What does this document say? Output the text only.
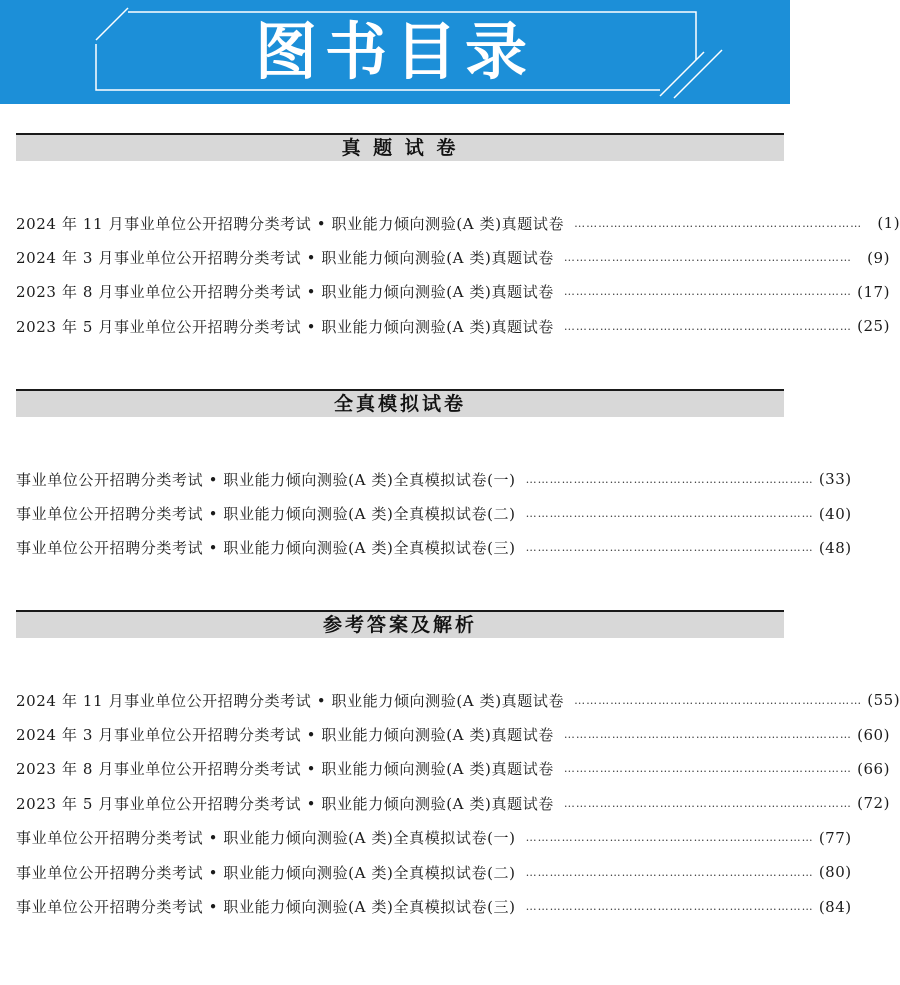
图书目录
真 题 试 卷
2024 年 11 月事业单位公开招聘分类考试 • 职业能力倾向测验(A 类)真题试卷 ………………………………………………………………	(1)
2024 年 3 月事业单位公开招聘分类考试 • 职业能力倾向测验(A 类)真题试卷 ………………………………………………………………	(9)
2023 年 8 月事业单位公开招聘分类考试 • 职业能力倾向测验(A 类)真题试卷 ……………………………………………………………… (17)
2023 年 5 月事业单位公开招聘分类考试 • 职业能力倾向测验(A 类)真题试卷 ……………………………………………………………… (25)
全真模拟试卷
事业单位公开招聘分类考试 • 职业能力倾向测验(A 类)全真模拟试卷(一) ……………………………………………………………… (33)
事业单位公开招聘分类考试 • 职业能力倾向测验(A 类)全真模拟试卷(二) ……………………………………………………………… (40)
事业单位公开招聘分类考试 • 职业能力倾向测验(A 类)全真模拟试卷(三) ……………………………………………………………… (48)
参考答案及解析
2024 年 11 月事业单位公开招聘分类考试 • 职业能力倾向测验(A 类)真题试卷 ……………………………………………………………… (55)
2024 年 3 月事业单位公开招聘分类考试 • 职业能力倾向测验(A 类)真题试卷 ……………………………………………………………… (60)
2023 年 8 月事业单位公开招聘分类考试 • 职业能力倾向测验(A 类)真题试卷 ……………………………………………………………… (66)
2023 年 5 月事业单位公开招聘分类考试 • 职业能力倾向测验(A 类)真题试卷 ……………………………………………………………… (72)
事业单位公开招聘分类考试 • 职业能力倾向测验(A 类)全真模拟试卷(一) ……………………………………………………………… (77)
事业单位公开招聘分类考试 • 职业能力倾向测验(A 类)全真模拟试卷(二) ……………………………………………………………… (80)
事业单位公开招聘分类考试 • 职业能力倾向测验(A 类)全真模拟试卷(三) ……………………………………………………………… (84)
